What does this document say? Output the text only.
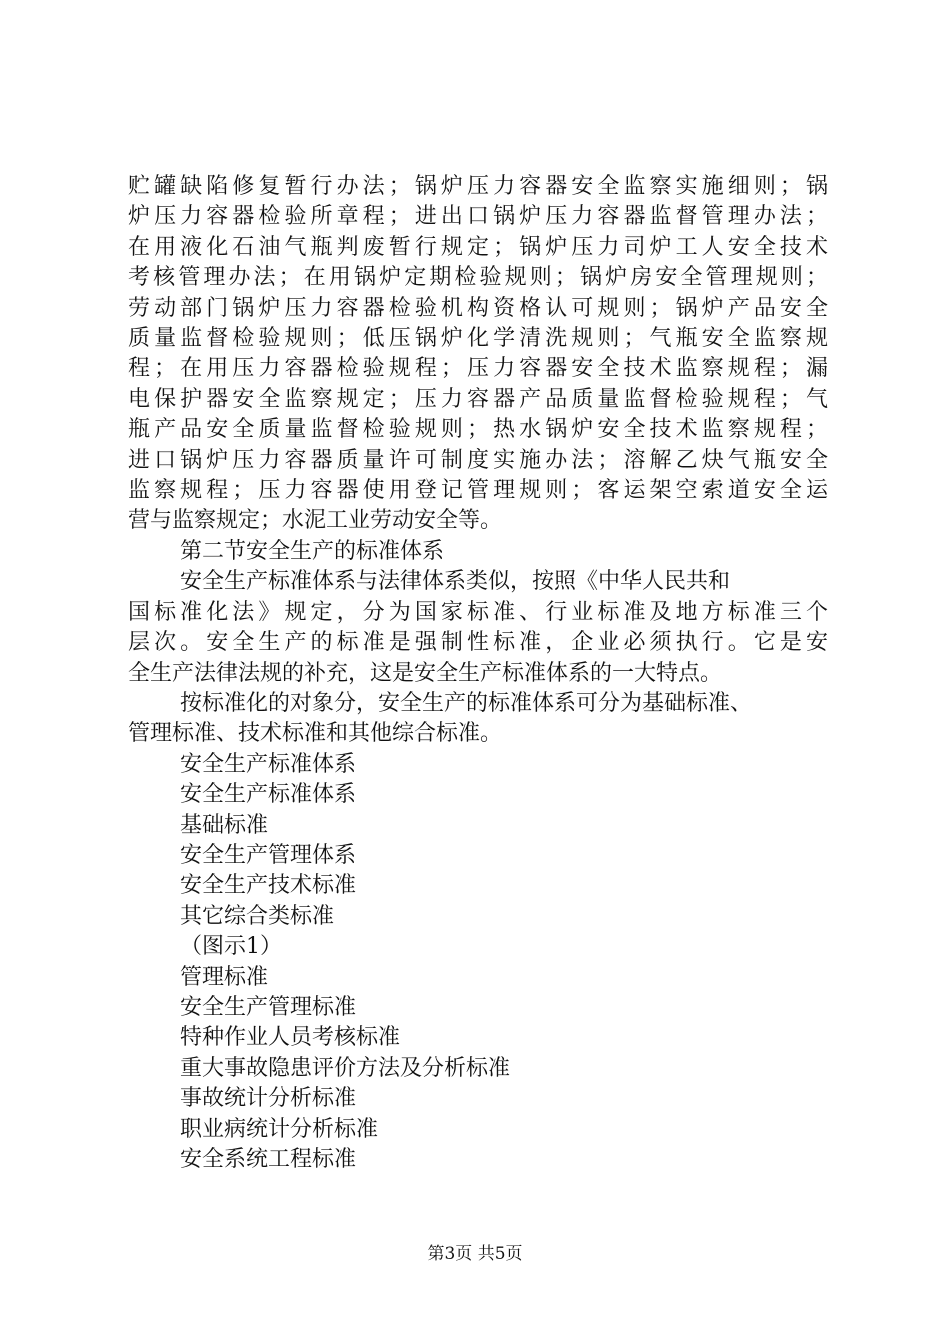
贮罐缺陷修复暂行办法；锅炉压力容器安全监察实施细则；锅
炉压力容器检验所章程；进出口锅炉压力容器监督管理办法；
在用液化石油气瓶判废暂行规定；锅炉压力司炉工人安全技术
考核管理办法；在用锅炉定期检验规则；锅炉房安全管理规则；
劳动部门锅炉压力容器检验机构资格认可规则；锅炉产品安全
质量监督检验规则；低压锅炉化学清洗规则；气瓶安全监察规
程；在用压力容器检验规程；压力容器安全技术监察规程；漏
电保护器安全监察规定；压力容器产品质量监督检验规程；气
瓶产品安全质量监督检验规则；热水锅炉安全技术监察规程；
进口锅炉压力容器质量许可制度实施办法；溶解乙炔气瓶安全
监察规程；压力容器使用登记管理规则；客运架空索道安全运
营与监察规定；水泥工业劳动安全等。
第二节安全生产的标准体系
安全生产标准体系与法律体系类似，按照《中华人民共和
国标准化法》规定，分为国家标准、行业标准及地方标准三个
层次。安全生产的标准是强制性标准，企业必须执行。它是安
全生产法律法规的补充，这是安全生产标准体系的一大特点。
按标准化的对象分，安全生产的标准体系可分为基础标准、
管理标准、技术标准和其他综合标准。
安全生产标准体系
安全生产标准体系
基础标准
安全生产管理体系
安全生产技术标准
其它综合类标准
（图示1）
管理标准
安全生产管理标准
特种作业人员考核标准
重大事故隐患评价方法及分析标准
事故统计分析标准
职业病统计分析标准
安全系统工程标准
第3页 共5页
